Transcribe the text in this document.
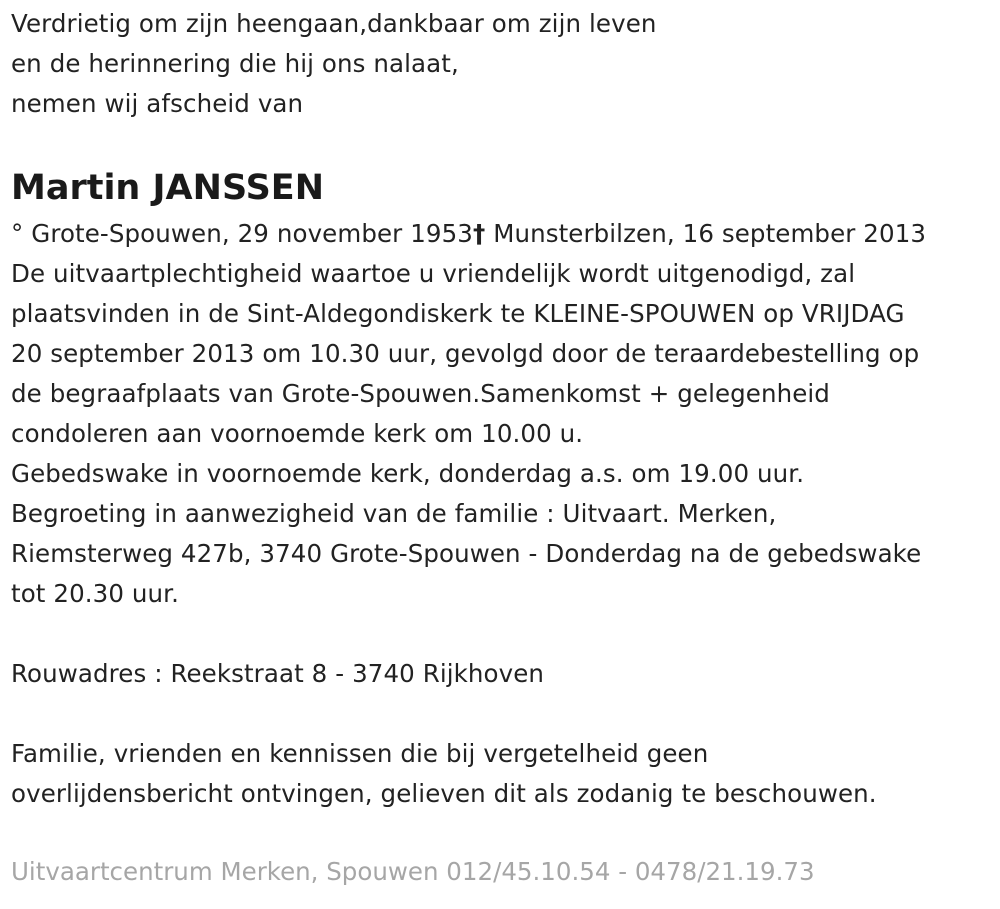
Verdrietig om zijn heengaan,dankbaar om zijn leven
en de herinnering die hij ons nalaat,
nemen wij afscheid van
Martin JANSSEN
° Grote-Spouwen, 29 november 1953† Munsterbilzen, 16 september 2013
De uitvaartplechtigheid waartoe u vriendelijk wordt uitgenodigd, zal
plaatsvinden in de Sint-Aldegondiskerk te KLEINE-SPOUWEN op VRIJDAG
20 september 2013 om 10.30 uur, gevolgd door de teraardebestelling op
de begraafplaats van Grote-Spouwen.Samenkomst + gelegenheid
condoleren aan voornoemde kerk om 10.00 u.
Gebedswake in voornoemde kerk, donderdag a.s. om 19.00 uur.
Begroeting in aanwezigheid van de familie : Uitvaart. Merken,
Riemsterweg 427b, 3740 Grote-Spouwen - Donderdag na de gebedswake
tot 20.30 uur.
Rouwadres : Reekstraat 8 - 3740 Rijkhoven
Familie, vrienden en kennissen die bij vergetelheid geen
overlijdensbericht ontvingen, gelieven dit als zodanig te beschouwen.
Uitvaartcentrum Merken, Spouwen 012/45.10.54 - 0478/21.19.73
